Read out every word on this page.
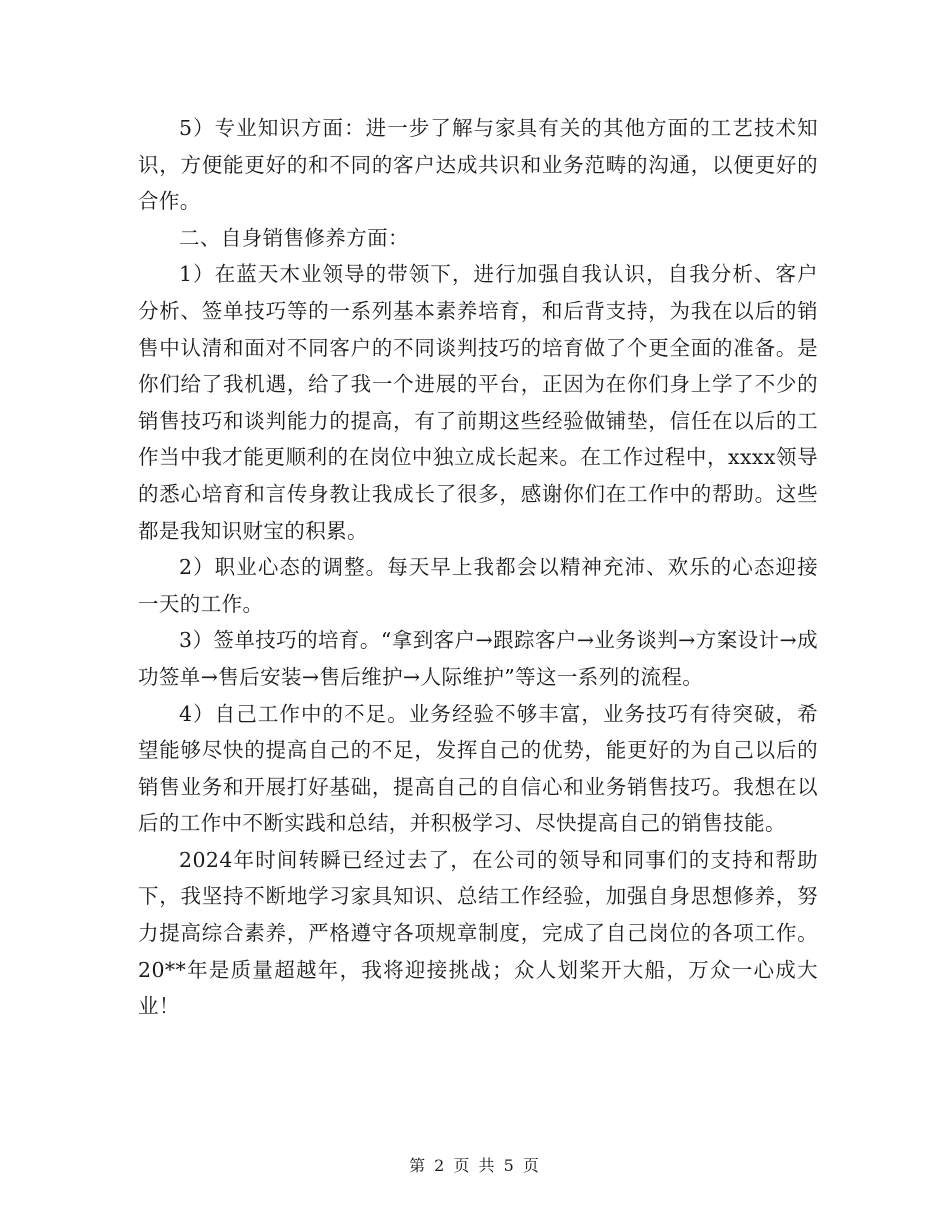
5）专业知识方面：进一步了解与家具有关的其他方面的工艺技术知识，方便能更好的和不同的客户达成共识和业务范畴的沟通，以便更好的合作。

二、自身销售修养方面：

1）在蓝天木业领导的带领下，进行加强自我认识，自我分析、客户分析、签单技巧等的一系列基本素养培育，和后背支持，为我在以后的销售中认清和面对不同客户的不同谈判技巧的培育做了个更全面的准备。是你们给了我机遇，给了我一个进展的平台，正因为在你们身上学了不少的销售技巧和谈判能力的提高，有了前期这些经验做铺垫，信任在以后的工作当中我才能更顺利的在岗位中独立成长起来。在工作过程中，xxxx领导的悉心培育和言传身教让我成长了很多，感谢你们在工作中的帮助。这些都是我知识财宝的积累。

2）职业心态的调整。每天早上我都会以精神充沛、欢乐的心态迎接一天的工作。

3）签单技巧的培育。“拿到客户→跟踪客户→业务谈判→方案设计→成功签单→售后安装→售后维护→人际维护”等这一系列的流程。

4）自己工作中的不足。业务经验不够丰富，业务技巧有待突破，希望能够尽快的提高自己的不足，发挥自己的优势，能更好的为自己以后的销售业务和开展打好基础，提高自己的自信心和业务销售技巧。我想在以后的工作中不断实践和总结，并积极学习、尽快提高自己的销售技能。

2024年时间转瞬已经过去了，在公司的领导和同事们的支持和帮助下，我坚持不断地学习家具知识、总结工作经验，加强自身思想修养，努力提高综合素养，严格遵守各项规章制度，完成了自己岗位的各项工作。20**年是质量超越年，我将迎接挑战；众人划桨开大船，万众一心成大业！

第 2 页 共 5 页
